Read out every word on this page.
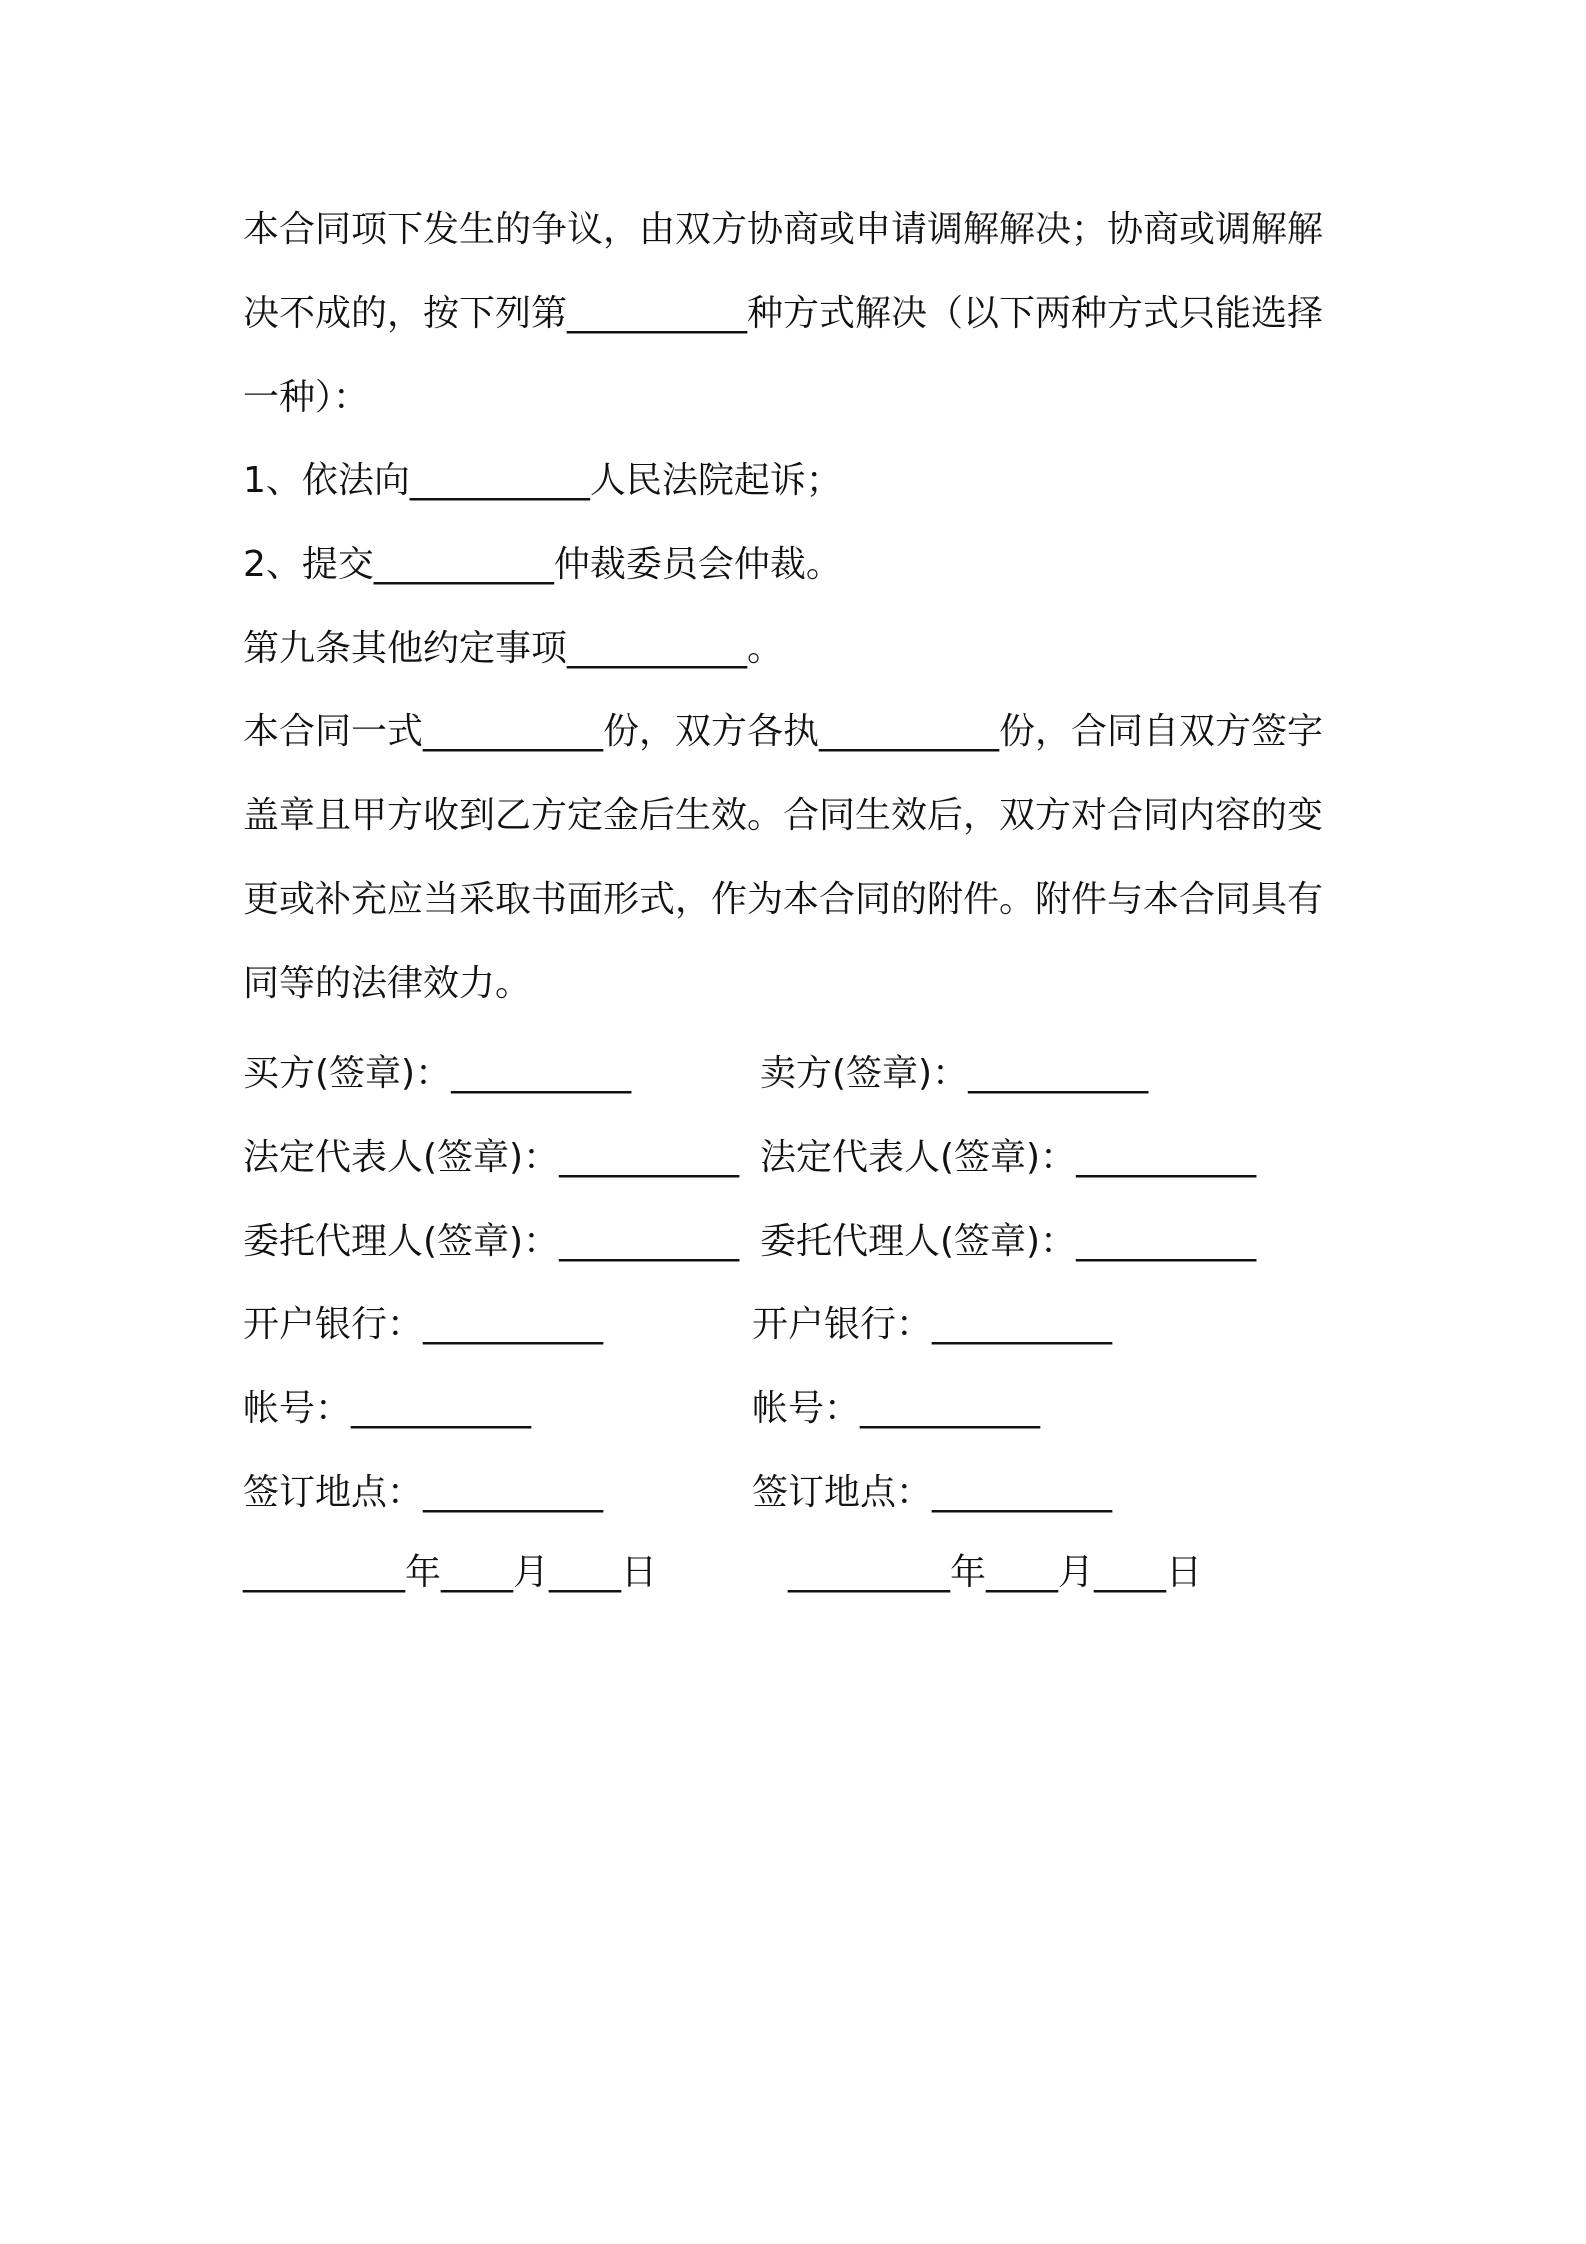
本合同项下发生的争议，由双方协商或申请调解解决；协商或调解解
决不成的，按下列第__________种方式解决（以下两种方式只能选择
一种）：
1、依法向__________人民法院起诉；
2、提交__________仲裁委员会仲裁。
第九条其他约定事项__________。
本合同一式__________份，双方各执__________份，合同自双方签字
盖章且甲方收到乙方定金后生效。合同生效后，双方对合同内容的变
更或补充应当采取书面形式，作为本合同的附件。附件与本合同具有
同等的法律效力。
买方(签章)：__________	卖方(签章)：__________
法定代表人(签章)：__________ 法定代表人(签章)：__________
委托代理人(签章)：__________ 委托代理人(签章)：__________
开户银行：__________	开户银行：__________
帐号：__________	帐号：__________
签订地点：__________	签订地点：__________
_________年____月____日	_________年____月____日
